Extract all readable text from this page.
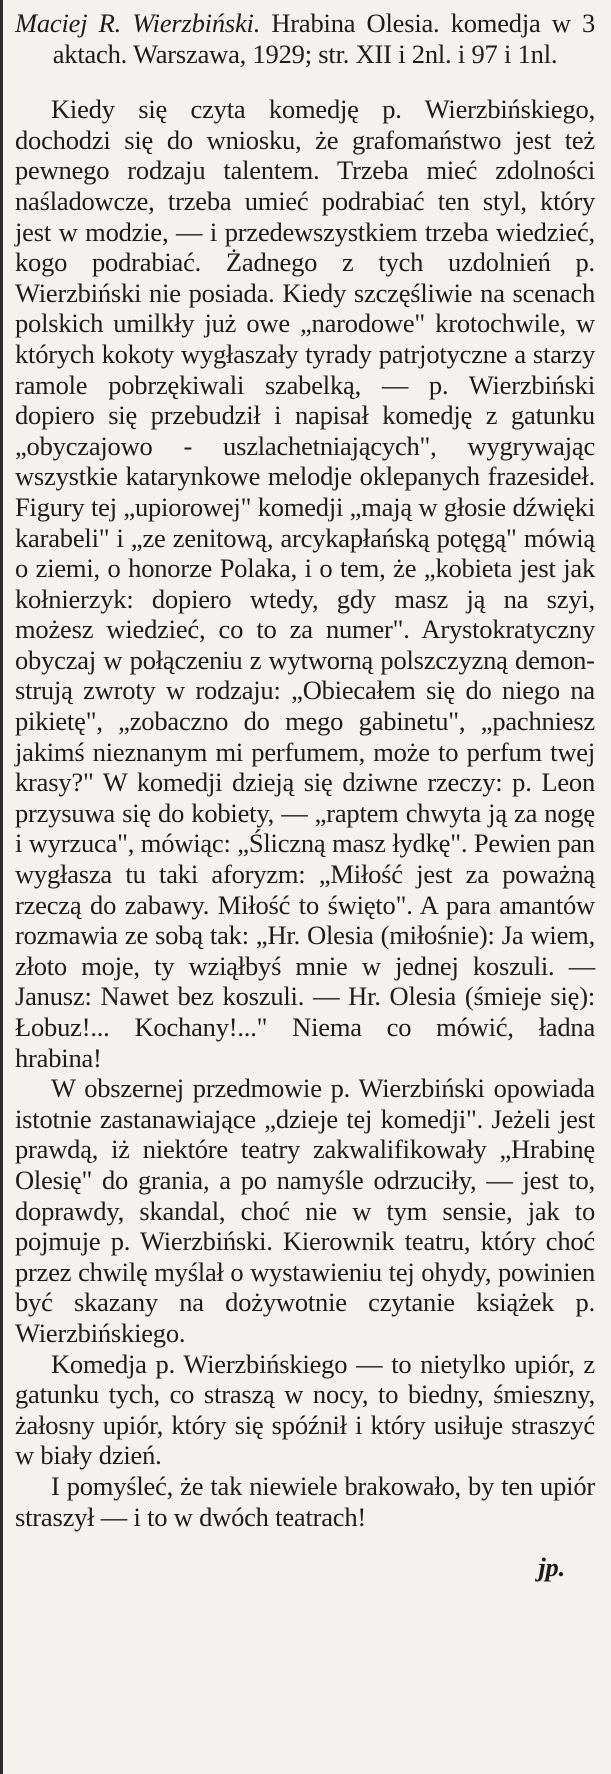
Maciej R. Wierzbiński. Hrabina Olesia. komedja w 3 aktach. Warszawa, 1929; str. XII i 2nl. i 97 i 1nl.

Kiedy się czyta komedję p. Wierzbińskiego, dochodzi się do wniosku, że grafomaństwo jest też pewnego rodzaju talentem. Trzeba mieć zdolności naśladowcze, trzeba umieć podrabiać ten styl, który jest w modzie, — i przedewszystkiem trzeba wiedzieć, kogo podrabiać. Żadnego z tych uzdolnień p. Wierzbiński nie posiada. Kiedy szczęśliwie na scenach polskich umilkły już owe „narodowe" krotochwile, w których kokoty wygłaszały tyrady patrjotyczne a starzy ramole pobrzękiwali szabelką, — p. Wierzbiński dopiero się przebudził i napisał komedję z gatunku „obyczajowo - uszlachetniających", wygrywając wszystkie katarynkowe melodje oklepanych frazesideł. Figury tej „upiorowej" komedji „mają w głosie dźwięki karabeli" i „ze zenitową, arcykapłańską potęgą" mówią o ziemi, o honorze Polaka, i o tem, że „kobieta jest jak kołnierzyk: dopiero wtedy, gdy masz ją na szyi, możesz wiedzieć, co to za numer". Arystokratyczny obyczaj w połączeniu z wytworną polszczyzną demonstrują zwroty w rodzaju: „Obiecałem się do niego na pikietę", „zobaczno do mego gabinetu", „pachniesz jakimś nieznanym mi perfumem, może to perfum twej krasy?" W komedji dzieją się dziwne rzeczy: p. Leon przysuwa się do kobiety, — „raptem chwyta ją za nogę i wyrzuca", mówiąc: „Śliczną masz łydkę". Pewien pan wygłasza tu taki aforyzm: „Miłość jest za poważną rzeczą do zabawy. Miłość to święto". A para amantów rozmawia ze sobą tak: „Hr. Olesia (miłośnie): Ja wiem, złoto moje, ty wziąłbyś mnie w jednej koszuli. — Janusz: Nawet bez koszuli. — Hr. Olesia (śmieje się): Łobuz!... Kochany!..." Niema co mówić, ładna hrabina!

W obszernej przedmowie p. Wierzbiński opowiada istotnie zastanawiające „dzieje tej komedji". Jeżeli jest prawdą, iż niektóre teatry zakwalifikowały „Hrabinę Olesię" do grania, a po namyśle odrzuciły, — jest to, doprawdy, skandal, choć nie w tym sensie, jak to pojmuje p. Wierzbiński. Kierownik teatru, który choć przez chwilę myślał o wystawieniu tej ohydy, powinien być skazany na dożywotnie czytanie książek p. Wierzbińskiego.

Komedja p. Wierzbińskiego — to nietylko upiór, z gatunku tych, co straszą w nocy, to biedny, śmieszny, żałosny upiór, który się spóźnił i który usiłuje straszyć w biały dzień.

I pomyśleć, że tak niewiele brakowało, by ten upiór straszył — i to w dwóch teatrach!

jp.
